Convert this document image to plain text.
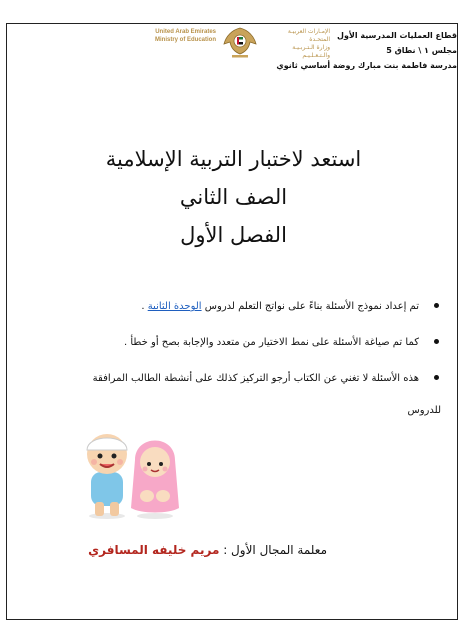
قطاع العمليات المدرسية الأول
مجلس ١ \ نطاق 5
مدرسة فاطمة بنت مبارك روضة أساسي ثانوي
United Arab Emirates
Ministry of Education
الإمـارات العربيـة المتحـدة
وزارة الـتـربـيـة والـتـعـلـيـم
استعد لاختبار التربية الإسلامية
الصف الثاني
الفصل الأول
تم إعداد نموذج الأسئلة بناءً على نواتج التعلم لدروس الوحدة الثانية .
كما تم صياغة الأسئلة على نمط الاختيار من متعدد والإجابة بصح أو خطأ .
هذه الأسئلة لا تغني عن الكتاب أرجو التركيز كذلك على أنشطة الطالب المرافقة
للدروس
معلمة المجال الأول : مريم خليفه المسافري
